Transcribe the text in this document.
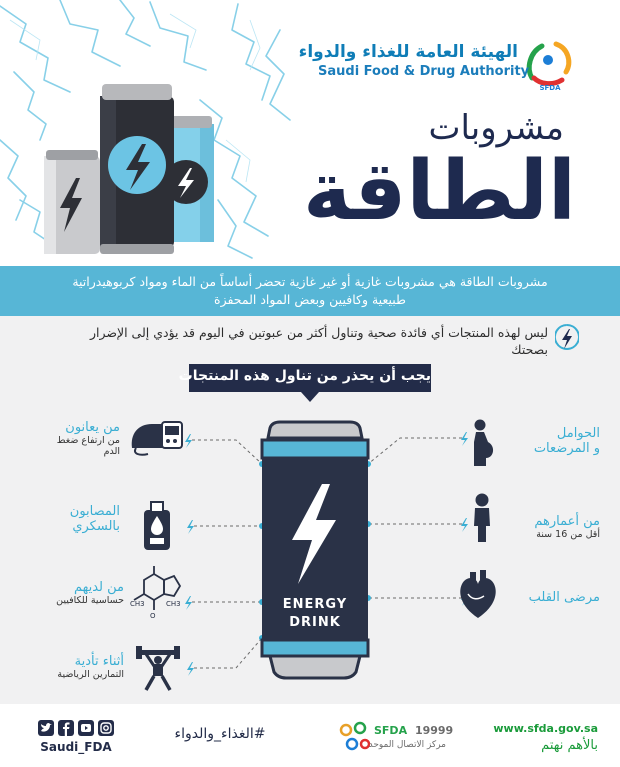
SFDA
الهيئة العامة للغذاء والدواء
Saudi Food & Drug Authority
مشروبات
الطاقة
مشروبات الطاقة هي مشروبات غازية أو غير غازية تحضر أساساً من الماء ومواد كربوهيدراتية
طبيعية وكافيين وبعض المواد المحفزة
ليس لهذه المنتجات أي فائدة صحية وتناول أكثر من عبوتين في اليوم قد يؤدي إلى الإضرار
بصحتك
يجب أن يحذر من تناول هذه المنتجات
ENERGY
DRINK
CH3	CH3
O
من يعانون
من ارتفاع ضغط
الدم
المصابون
بالسكري
من لديهم
حساسية للكافيين
أثناء تأدية
التمارين الرياضية
الحوامل
و المرضعات
من أعمارهم
أقل من 16 سنة
مرضى القلب
Saudi_FDA
#الغذاء_والدواء	SFDA 19999
مركز الاتصال الموحد
www.sfda.gov.sa
بالأهم نهتم
